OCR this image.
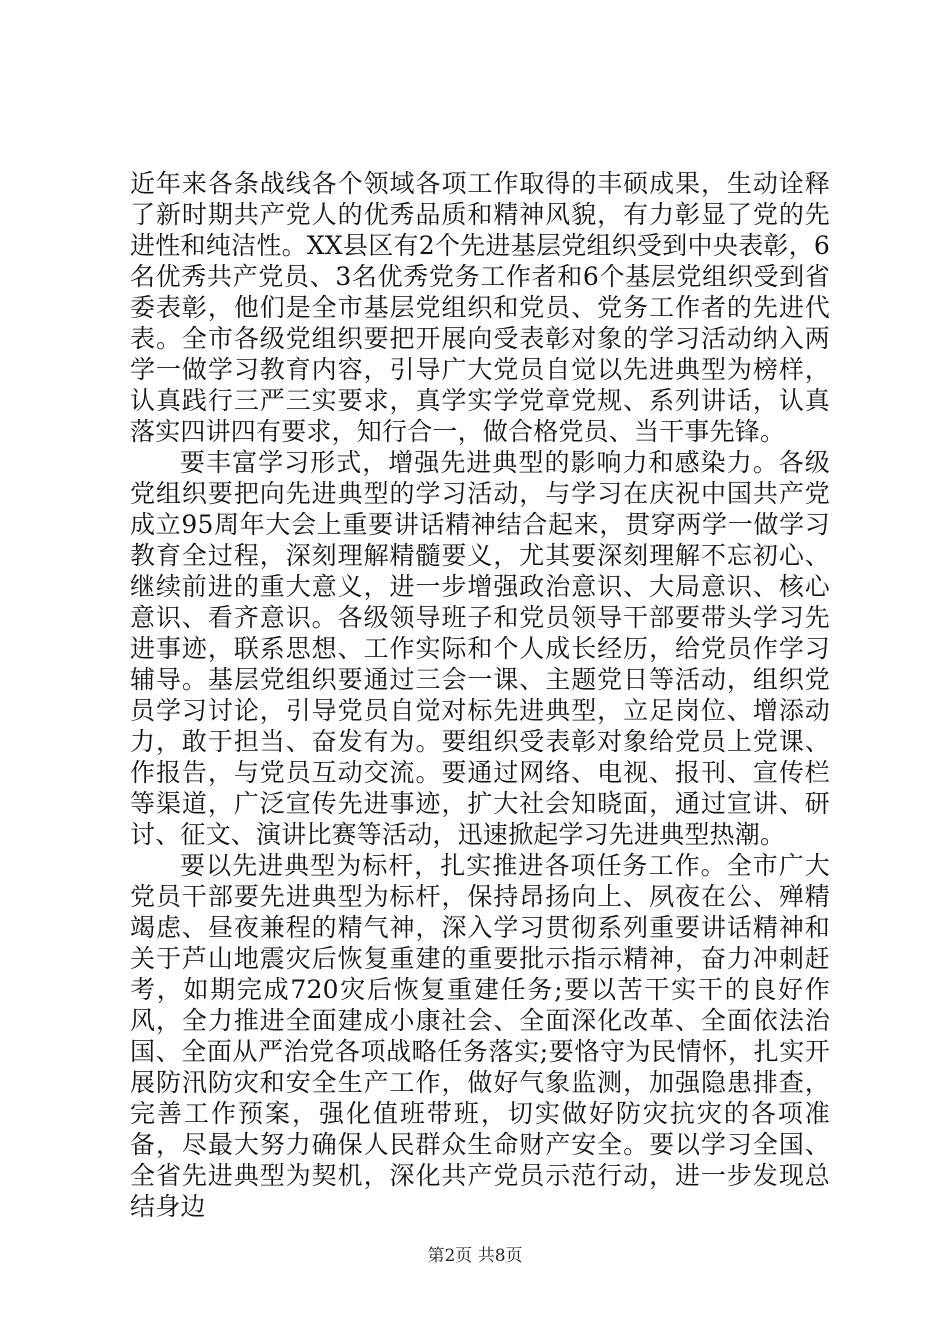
近年来各条战线各个领域各项工作取得的丰硕成果，生动诠释了新时期共产党人的优秀品质和精神风貌，有力彰显了党的先进性和纯洁性。XX县区有2个先进基层党组织受到中央表彰，6名优秀共产党员、3名优秀党务工作者和6个基层党组织受到省委表彰，他们是全市基层党组织和党员、党务工作者的先进代表。全市各级党组织要把开展向受表彰对象的学习活动纳入两学一做学习教育内容，引导广大党员自觉以先进典型为榜样，认真践行三严三实要求，真学实学党章党规、系列讲话，认真落实四讲四有要求，知行合一，做合格党员、当干事先锋。

要丰富学习形式，增强先进典型的影响力和感染力。各级党组织要把向先进典型的学习活动，与学习在庆祝中国共产党成立95周年大会上重要讲话精神结合起来，贯穿两学一做学习教育全过程，深刻理解精髓要义，尤其要深刻理解不忘初心、继续前进的重大意义，进一步增强政治意识、大局意识、核心意识、看齐意识。各级领导班子和党员领导干部要带头学习先进事迹，联系思想、工作实际和个人成长经历，给党员作学习辅导。基层党组织要通过三会一课、主题党日等活动，组织党员学习讨论，引导党员自觉对标先进典型，立足岗位、增添动力，敢于担当、奋发有为。要组织受表彰对象给党员上党课、作报告，与党员互动交流。要通过网络、电视、报刊、宣传栏等渠道，广泛宣传先进事迹，扩大社会知晓面，通过宣讲、研讨、征文、演讲比赛等活动，迅速掀起学习先进典型热潮。

要以先进典型为标杆，扎实推进各项任务工作。全市广大党员干部要先进典型为标杆，保持昂扬向上、夙夜在公、殚精竭虑、昼夜兼程的精气神，深入学习贯彻系列重要讲话精神和关于芦山地震灾后恢复重建的重要批示指示精神，奋力冲刺赶考，如期完成720灾后恢复重建任务;要以苦干实干的良好作风，全力推进全面建成小康社会、全面深化改革、全面依法治国、全面从严治党各项战略任务落实;要恪守为民情怀，扎实开展防汛防灾和安全生产工作，做好气象监测，加强隐患排查，完善工作预案，强化值班带班，切实做好防灾抗灾的各项准备，尽最大努力确保人民群众生命财产安全。要以学习全国、全省先进典型为契机，深化共产党员示范行动，进一步发现总结身边

第2页 共8页
